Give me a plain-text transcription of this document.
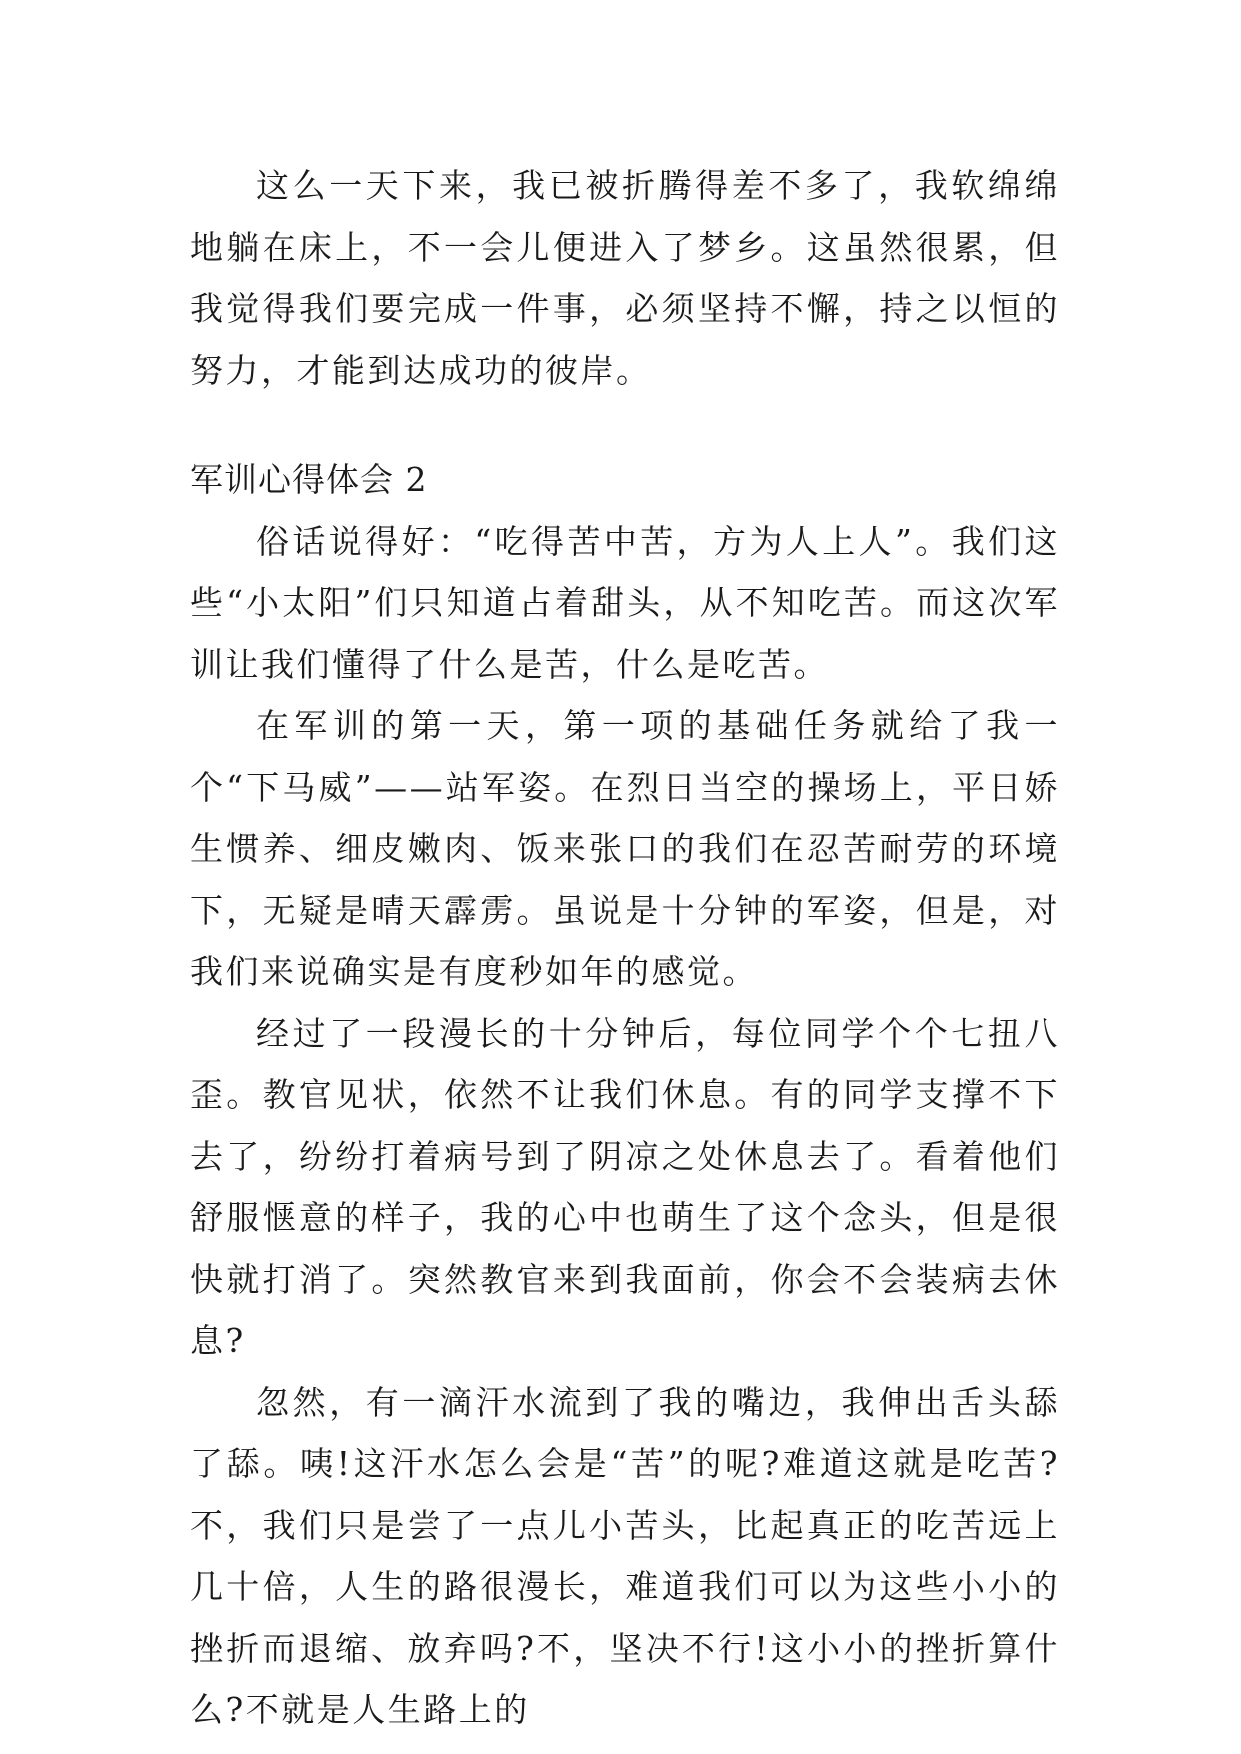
这么一天下来，我已被折腾得差不多了，我软绵绵地躺在床上，不一会儿便进入了梦乡。这虽然很累，但我觉得我们要完成一件事，必须坚持不懈，持之以恒的努力，才能到达成功的彼岸。

军训心得体会 2

俗话说得好：“吃得苦中苦，方为人上人”。我们这些“小太阳”们只知道占着甜头，从不知吃苦。而这次军训让我们懂得了什么是苦，什么是吃苦。

在军训的第一天，第一项的基础任务就给了我一个“下马威”——站军姿。在烈日当空的操场上，平日娇生惯养、细皮嫩肉、饭来张口的我们在忍苦耐劳的环境下，无疑是晴天霹雳。虽说是十分钟的军姿，但是，对我们来说确实是有度秒如年的感觉。

经过了一段漫长的十分钟后，每位同学个个七扭八歪。教官见状，依然不让我们休息。有的同学支撑不下去了，纷纷打着病号到了阴凉之处休息去了。看着他们舒服惬意的样子，我的心中也萌生了这个念头，但是很快就打消了。突然教官来到我面前，你会不会装病去休息?

忽然，有一滴汗水流到了我的嘴边，我伸出舌头舔了舔。咦!这汗水怎么会是“苦”的呢?难道这就是吃苦?不，我们只是尝了一点儿小苦头，比起真正的吃苦远上几十倍，人生的路很漫长，难道我们可以为这些小小的挫折而退缩、放弃吗?不，坚决不行!这小小的挫折算什么?不就是人生路上的
